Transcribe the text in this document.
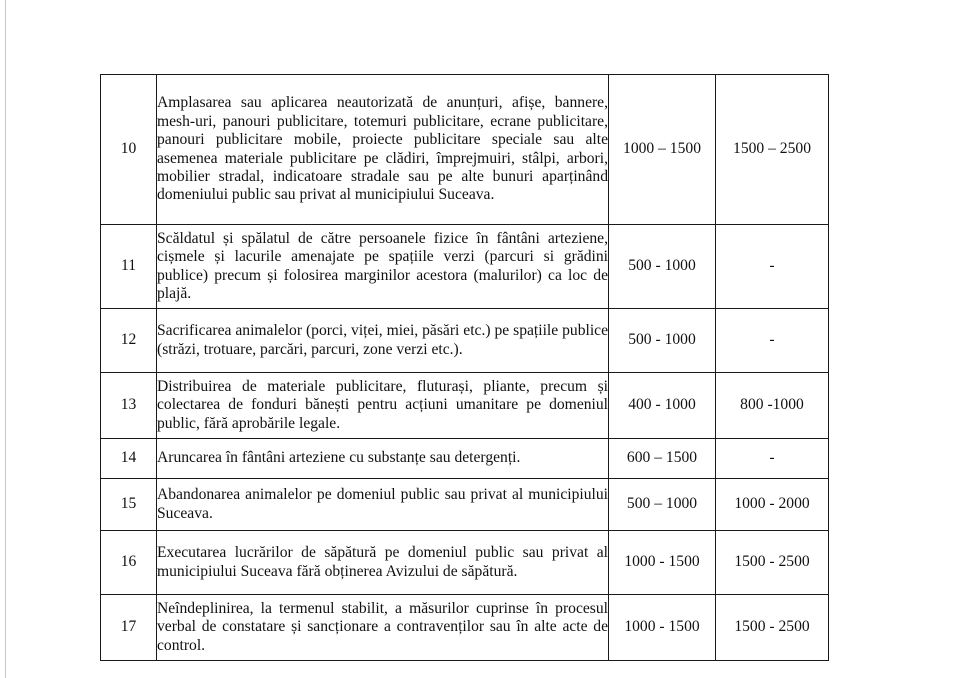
10	Amplasarea sau aplicarea neautorizată de anunțuri, afișe, bannere, mesh-uri, panouri publicitare, totemuri publicitare, ecrane publicitare, panouri publicitare mobile, proiecte publicitare speciale sau alte asemenea materiale publicitare pe clădiri, împrejmuiri, stâlpi, arbori, mobilier stradal, indicatoare stradale sau pe alte bunuri aparținând domeniului public sau privat al municipiului Suceava.	1000 – 1500	1500 – 2500
11	Scăldatul și spălatul de către persoanele fizice în fântâni arteziene, cișmele și lacurile amenajate pe spațiile verzi (parcuri si grădini publice) precum și folosirea marginilor acestora (malurilor) ca loc de plajă.	500 - 1000	-
12	Sacrificarea animalelor (porci, viței, miei, păsări etc.) pe spațiile publice (străzi, trotuare, parcări, parcuri, zone verzi etc.).	500 - 1000	-
13	Distribuirea de materiale publicitare, fluturași, pliante, precum și colectarea de fonduri bănești pentru acțiuni umanitare pe domeniul public, fără aprobările legale.	400 - 1000	800 -1000
14	Aruncarea în fântâni arteziene cu substanțe sau detergenți.	600 – 1500	-
15	Abandonarea animalelor pe domeniul public sau privat al municipiului Suceava.	500 – 1000	1000 - 2000
16	Executarea lucrărilor de săpătură pe domeniul public sau privat al municipiului Suceava fără obținerea Avizului de săpătură.	1000 - 1500	1500 - 2500
17	Neîndeplinirea, la termenul stabilit, a măsurilor cuprinse în procesul verbal de constatare și sancționare a contravenților sau în alte acte de control.	1000 - 1500	1500 - 2500
